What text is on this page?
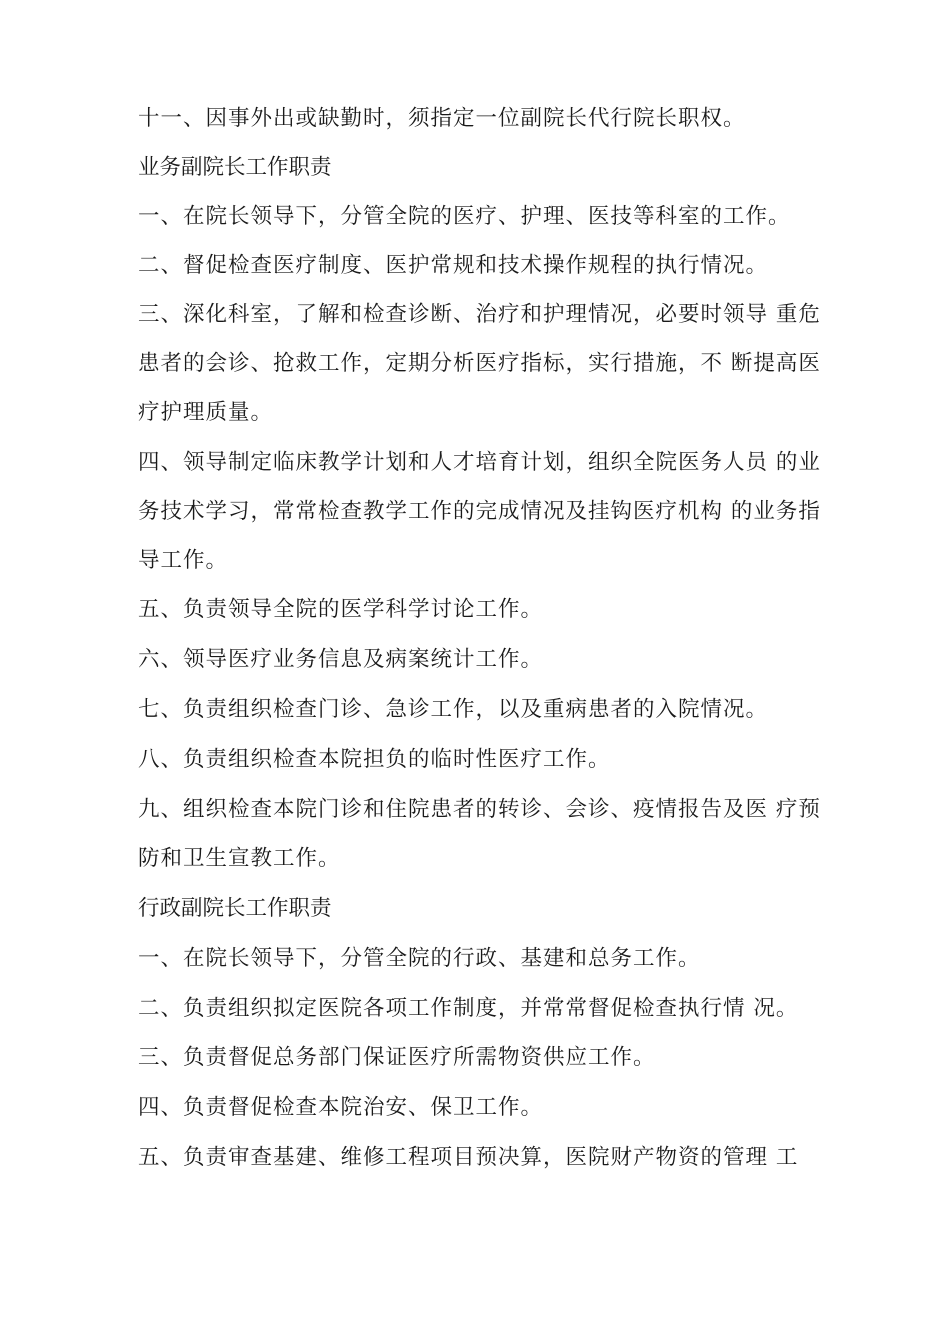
十一、因事外出或缺勤时，须指定一位副院长代行院长职权。
业务副院长工作职责
一、在院长领导下，分管全院的医疗、护理、医技等科室的工作。
二、督促检查医疗制度、医护常规和技术操作规程的执行情况。
三、深化科室，了解和检查诊断、治疗和护理情况，必要时领导 重危
患者的会诊、抢救工作，定期分析医疗指标，实行措施，不 断提高医
疗护理质量。
四、领导制定临床教学计划和人才培育计划，组织全院医务人员 的业
务技术学习，常常检查教学工作的完成情况及挂钩医疗机构 的业务指
导工作。
五、负责领导全院的医学科学讨论工作。
六、领导医疗业务信息及病案统计工作。
七、负责组织检查门诊、急诊工作，以及重病患者的入院情况。
八、负责组织检查本院担负的临时性医疗工作。
九、组织检查本院门诊和住院患者的转诊、会诊、疫情报告及医 疗预
防和卫生宣教工作。
行政副院长工作职责
一、在院长领导下，分管全院的行政、基建和总务工作。
二、负责组织拟定医院各项工作制度，并常常督促检查执行情 况。
三、负责督促总务部门保证医疗所需物资供应工作。
四、负责督促检查本院治安、保卫工作。
五、负责审查基建、维修工程项目预决算，医院财产物资的管理 工
